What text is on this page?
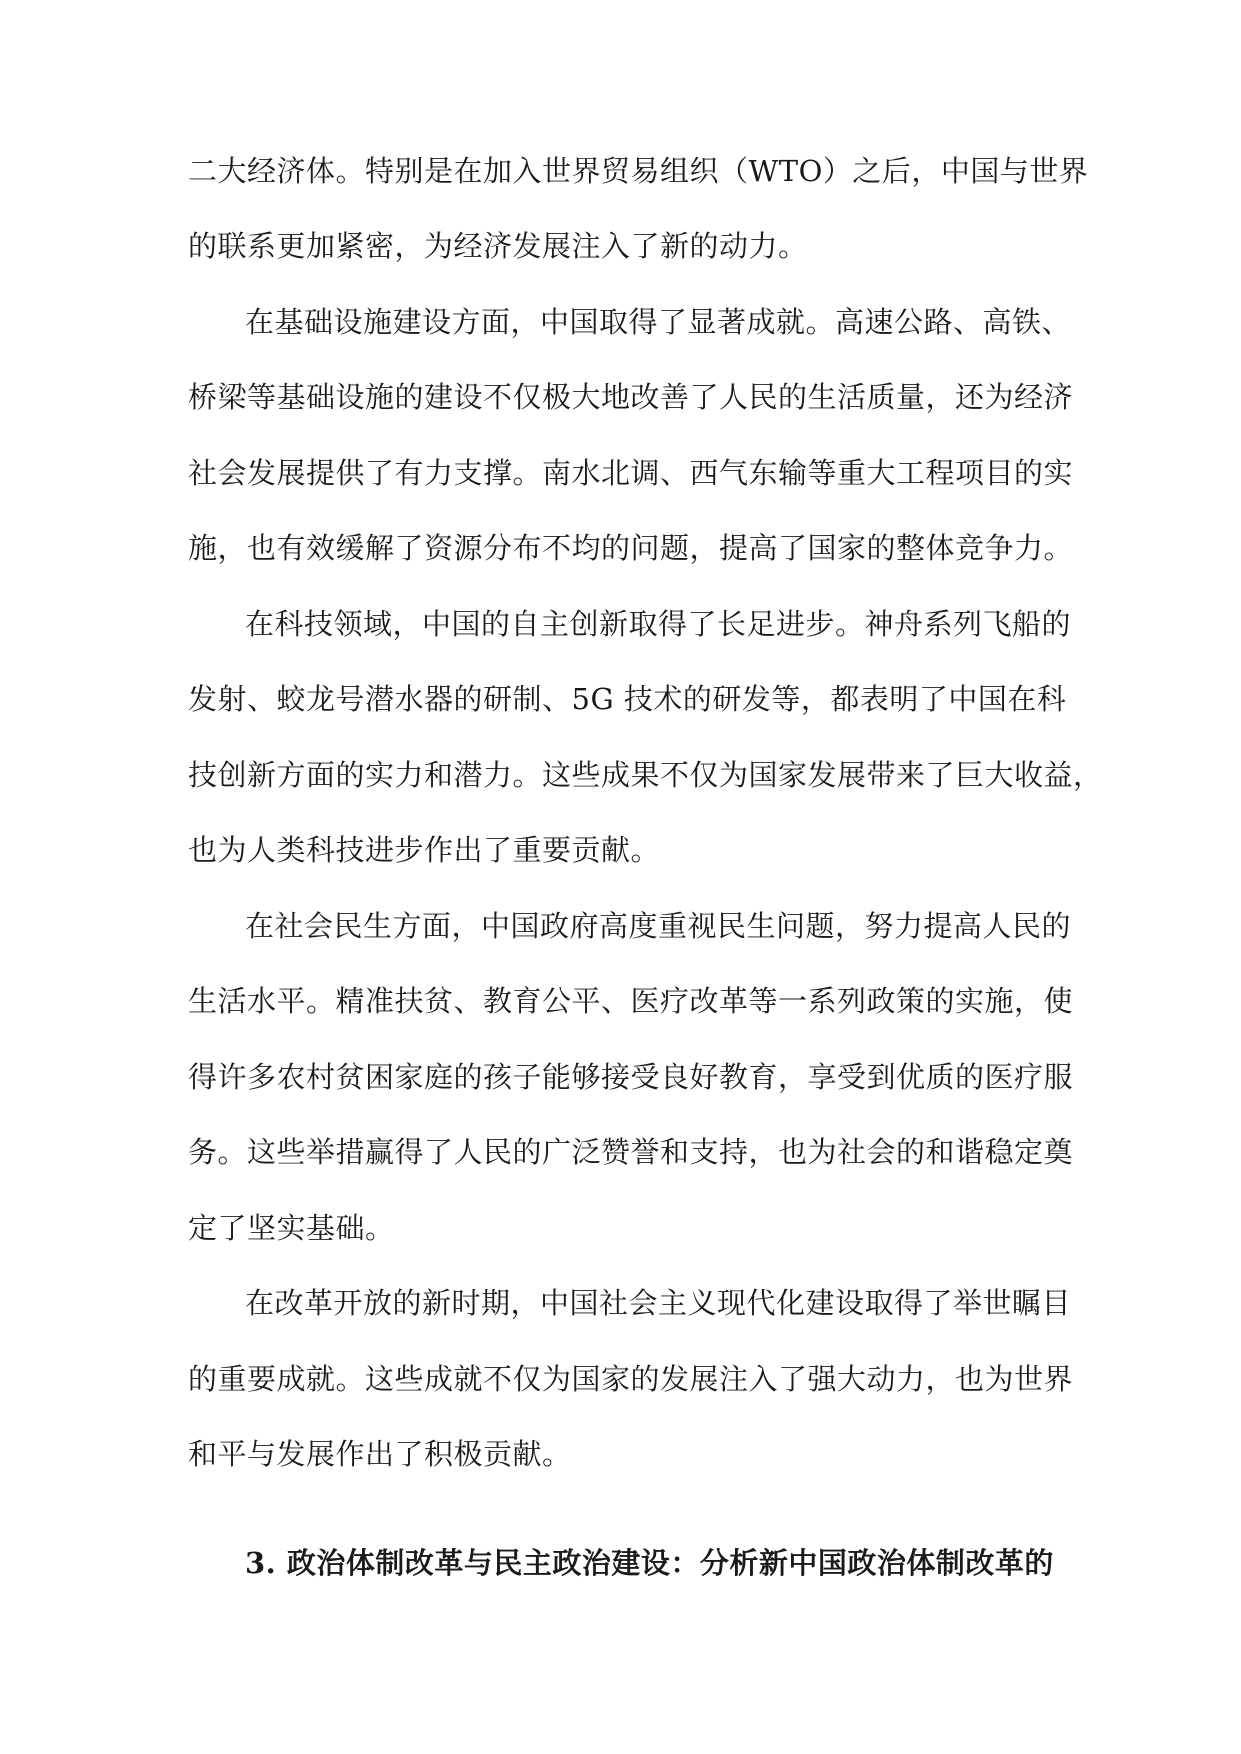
二大经济体。特别是在加入世界贸易组织（WTO）之后，中国与世界
的联系更加紧密，为经济发展注入了新的动力。
在基础设施建设方面，中国取得了显著成就。高速公路、高铁、
桥梁等基础设施的建设不仅极大地改善了人民的生活质量，还为经济
社会发展提供了有力支撑。南水北调、西气东输等重大工程项目的实
施，也有效缓解了资源分布不均的问题，提高了国家的整体竞争力。
在科技领域，中国的自主创新取得了长足进步。神舟系列飞船的
发射、蛟龙号潜水器的研制、5G 技术的研发等，都表明了中国在科
技创新方面的实力和潜力。这些成果不仅为国家发展带来了巨大收益，
也为人类科技进步作出了重要贡献。
在社会民生方面，中国政府高度重视民生问题，努力提高人民的
生活水平。精准扶贫、教育公平、医疗改革等一系列政策的实施，使
得许多农村贫困家庭的孩子能够接受良好教育，享受到优质的医疗服
务。这些举措赢得了人民的广泛赞誉和支持，也为社会的和谐稳定奠
定了坚实基础。
在改革开放的新时期，中国社会主义现代化建设取得了举世瞩目
的重要成就。这些成就不仅为国家的发展注入了强大动力，也为世界
和平与发展作出了积极贡献。
3. 政治体制改革与民主政治建设：分析新中国政治体制改革的
